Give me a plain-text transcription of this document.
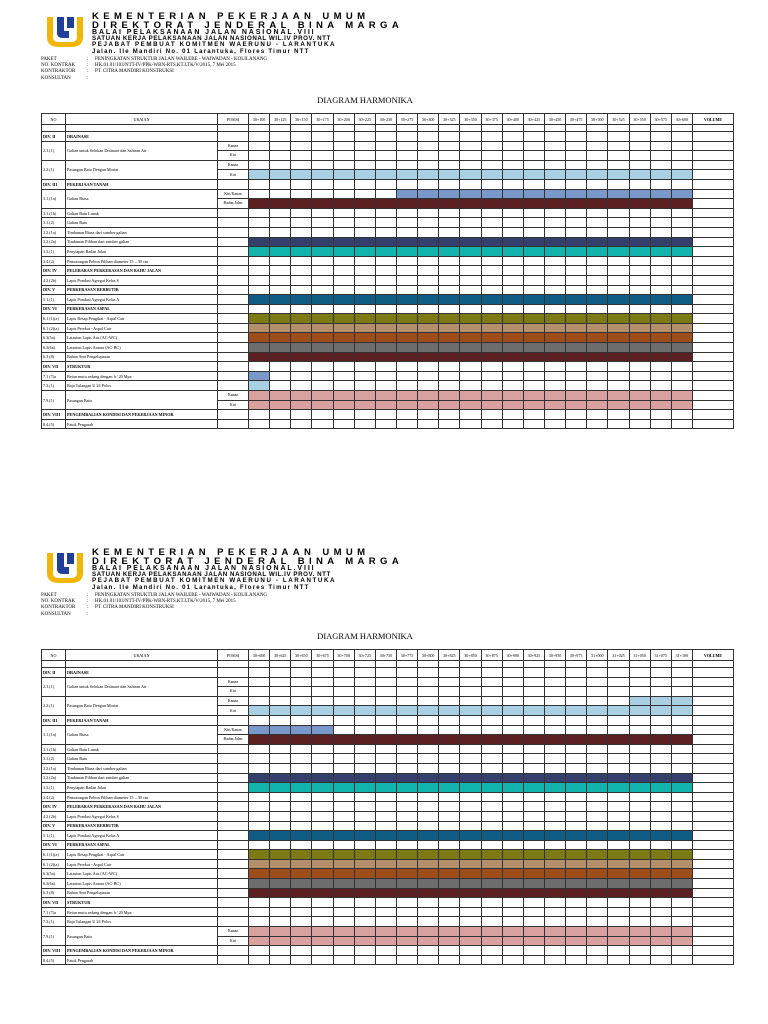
KEMENTERIAN PEKERJAAN UMUM
DIREKTORAT JENDERAL BINA MARGA
BALAI PELAKSANAAN JALAN NASIONAL.VIII
SATUAN KERJA PELAKSANAAN JALAN NASIONAL WIL.IV PROV. NTT
PEJABAT PEMBUAT KOMITMEN WAERUNU - LARANTUKA
Jalan. Ile Mandiri No. 01 Larantuka, Flores Timur NTT
PAKET	:	PENINGKATAN STRUKTUR JALAN WAILEBE - WAIWADAN - KOLILANANG
NO. KONTRAK	:	HK.01.01/103/NTT-IV/PPK-WRN-RTS.KT.LTK/V/2015, 7 Mei 2015
KONTRAKTOR	:	PT. CITRA MANDIRI KONSTRUKSI
KONSULTAN	:
DIAGRAM HARMONIKA
NO	URAIAN	POSISI	30+100	30+125	30+150	30+175	30+200	30+225	30+250	30+275	30+300	30+325	30+350	30+375	30+400	30+425	30+450	30+475	30+500	30+525	30+550	30+575	30+600	VOLUME

DIV. II	DRAINASE																							
2.1.(1)	Galian untuk Selokan Drainase dan Saluran Air	Kanan																						
		Kiri																						
2.2.(1)	Pasangan Batu Dengan Mortar	Kanan																						
		Kiri																						
DIV. III	PEKERJAAN TANAH																							
3.1.(1a)	Galian Biasa	Kiri/Kanan																						
		Badan Jalan																						
3.1.(1b)	Galian Batu Lunak																							
3.1.(2)	Galian Batu																							
3.2.(1a)	Timbunan Biasa dari sumber galian																							
3.2.(2a)	Timbunan Pilihan dari sumber galian																							
3.3.(1)	Penyiapan Badan Jalan																							
3.4.(2)	Pemotongan Pohon Pilihan diameter 15 – 30 cm																							
DIV. IV	PELEBARAN PERKERASAN DAN BAHU JALAN																							
4.2.(2b)	Lapis Pondasi Agregat Kelas S																							
DIV. V	PERKERASAN BERBUTIR																							
5.1.(1)	Lapis Pondasi Agregat Kelas A																							
DIV. VI	PERKERASAN ASPAL																							
6.1 (1)(a)	Lapis Resap Pengikat - Aspal Cair																							
6.1 (2)(a)	Lapis Perekat - Aspal Cair																							
6.3(5a)	Lataston Lapis Aus (AC-WC)																							
6.3(6a)	Lataston Lapis Antara (AC-BC)																							
6.3.(8)	Bahan Anti Pengelupasan																							
DIV. VII	STRUKTUR																							
7.1 (7)a	Beton mutu sedang dengan fc' 20 Mpa																							
7.3.(1)	Baja Tulangan U 24 Polos																							
7.9.(1)	Pasangan Batu	Kanan																						
		Kiri																						
DIV. VIII	PENGEMBALIAN KONDISI DAN PEKERJAAN MINOR																							
8.4.(5)	Patok Pengarah																							
KEMENTERIAN PEKERJAAN UMUM
DIREKTORAT JENDERAL BINA MARGA
BALAI PELAKSANAAN JALAN NASIONAL.VIII
SATUAN KERJA PELAKSANAAN JALAN NASIONAL WIL.IV PROV. NTT
PEJABAT PEMBUAT KOMITMEN WAERUNU - LARANTUKA
Jalan. Ile Mandiri No. 01 Larantuka, Flores Timur NTT
PAKET	:	PENINGKATAN STRUKTUR JALAN WAILEBE - WAIWADAN - KOLILANANG
NO. KONTRAK	:	HK.01.01/103/NTT-IV/PPK-WRN-RTS.KT.LTK/V/2015, 7 Mei 2015
KONTRAKTOR	:	PT. CITRA MANDIRI KONSTRUKSI
KONSULTAN	:
DIAGRAM HARMONIKA
NO	URAIAN	POSISI	30+600	30+625	30+650	30+675	30+700	30+725	30+750	30+775	30+800	30+825	30+850	30+875	30+900	30+925	30+950	30+975	31+000	31+025	31+050	31+075	31+100	VOLUME

DIV. II	DRAINASE																							
2.1.(1)	Galian untuk Selokan Drainase dan Saluran Air	Kanan																						
		Kiri																						
2.2.(1)	Pasangan Batu Dengan Mortar	Kanan																						
		Kiri																						
DIV. III	PEKERJAAN TANAH																							
3.1.(1a)	Galian Biasa	Kiri/Kanan																						
		Badan Jalan																						
3.1.(1b)	Galian Batu Lunak																							
3.1.(2)	Galian Batu																							
3.2.(1a)	Timbunan Biasa dari sumber galian																							
3.2.(2a)	Timbunan Pilihan dari sumber galian																							
3.3.(1)	Penyiapan Badan Jalan																							
3.4.(2)	Pemotongan Pohon Pilihan diameter 15 – 30 cm																							
DIV. IV	PELEBARAN PERKERASAN DAN BAHU JALAN																							
4.2.(2b)	Lapis Pondasi Agregat Kelas S																							
DIV. V	PERKERASAN BERBUTIR																							
5.1.(1)	Lapis Pondasi Agregat Kelas A																							
DIV. VI	PERKERASAN ASPAL																							
6.1 (1)(a)	Lapis Resap Pengikat - Aspal Cair																							
6.1 (2)(a)	Lapis Perekat - Aspal Cair																							
6.3(5a)	Lataston Lapis Aus (AC-WC)																							
6.3(6a)	Lataston Lapis Antara (AC-BC)																							
6.3.(8)	Bahan Anti Pengelupasan																							
DIV. VII	STRUKTUR																							
7.1 (7)a	Beton mutu sedang dengan fc' 20 Mpa																							
7.3.(1)	Baja Tulangan U 24 Polos																							
7.9.(1)	Pasangan Batu	Kanan																						
		Kiri																						
DIV. VIII	PENGEMBALIAN KONDISI DAN PEKERJAAN MINOR																							
8.4.(5)	Patok Pengarah																							
